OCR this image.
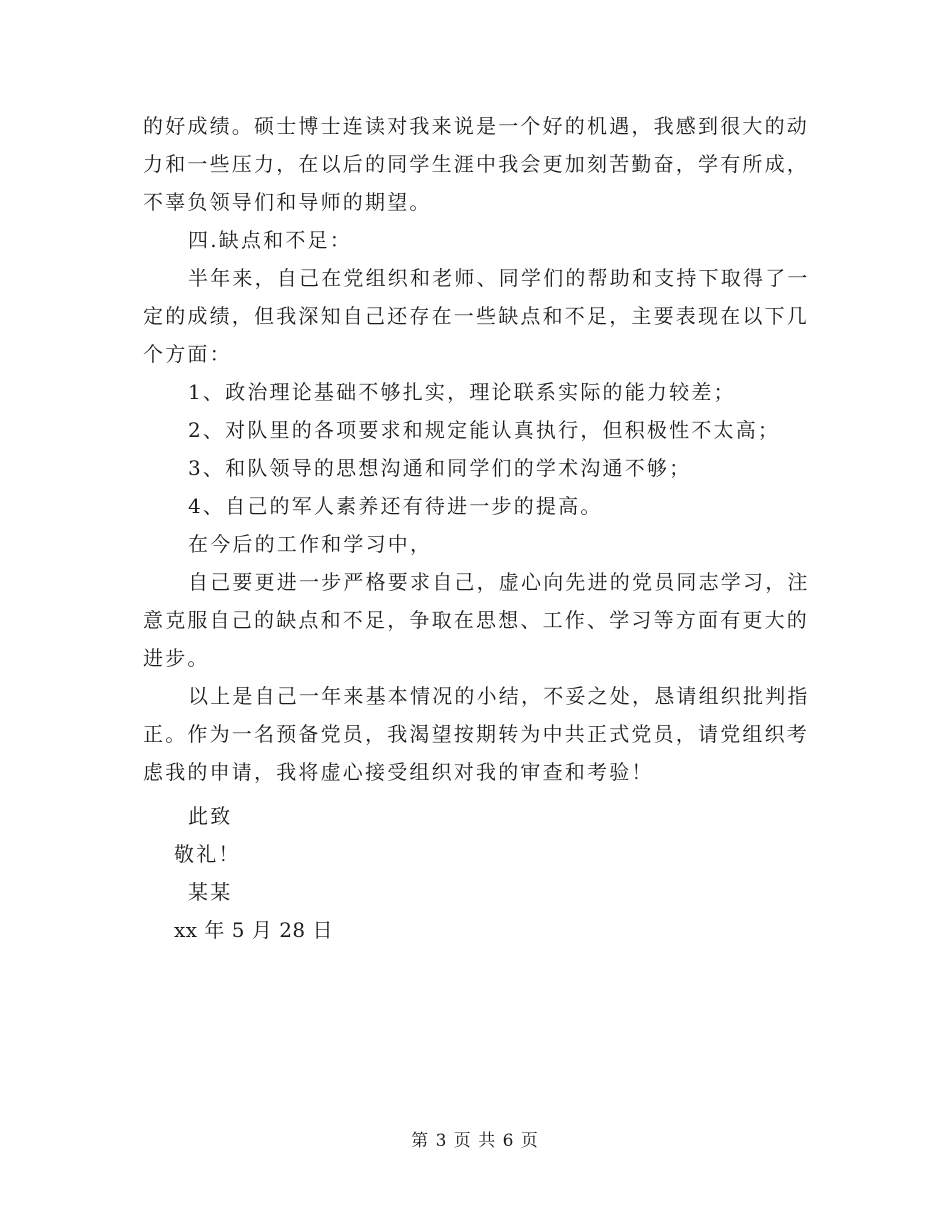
的好成绩。硕士博士连读对我来说是一个好的机遇，我感到很大的动
力和一些压力，在以后的同学生涯中我会更加刻苦勤奋，学有所成，
不辜负领导们和导师的期望。
四.缺点和不足：
半年来，自己在党组织和老师、同学们的帮助和支持下取得了一
定的成绩，但我深知自己还存在一些缺点和不足，主要表现在以下几
个方面：
1、政治理论基础不够扎实，理论联系实际的能力较差；
2、对队里的各项要求和规定能认真执行，但积极性不太高；
3、和队领导的思想沟通和同学们的学术沟通不够；
4、自己的军人素养还有待进一步的提高。
在今后的工作和学习中，
自己要更进一步严格要求自己，虚心向先进的党员同志学习，注
意克服自己的缺点和不足，争取在思想、工作、学习等方面有更大的
进步。
以上是自己一年来基本情况的小结，不妥之处，恳请组织批判指
正。作为一名预备党员，我渴望按期转为中共正式党员，请党组织考
虑我的申请，我将虚心接受组织对我的审查和考验！
此致
敬礼！
某某
xx 年 5 月 28 日
第 3 页 共 6 页
